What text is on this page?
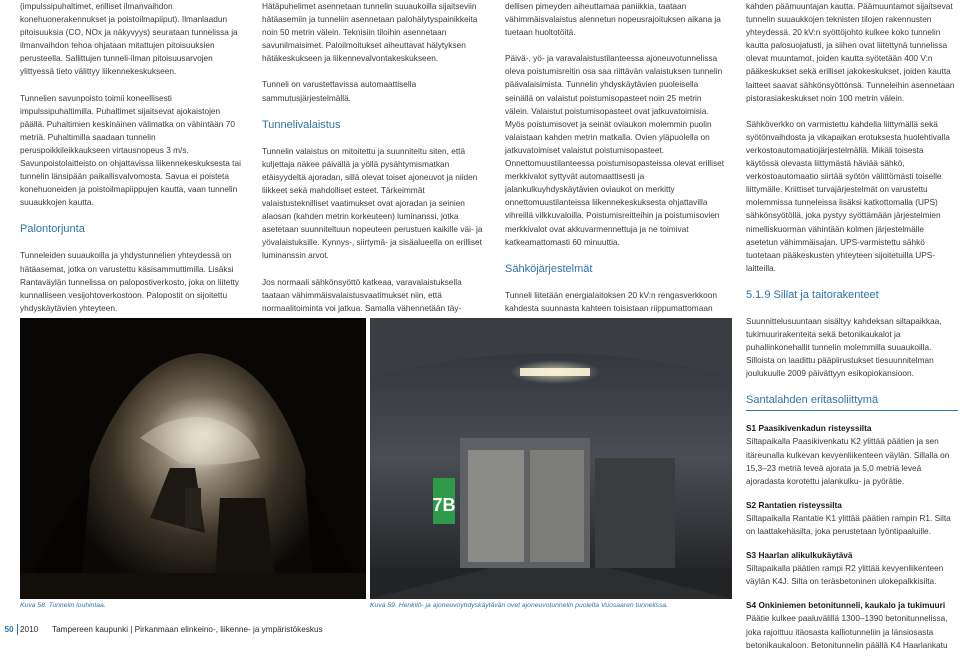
(impulssipuhaltimet, erilliset ilmanvaihdon konehuonerakennukset ja poistoilmapiiput). Ilmanlaadun pitoisuuksia (CO, NOx ja näkyvyys) seurataan tunnelissa ja ilmanvaihdon tehoa ohjataan mitattujen pitoisuuksien perusteella. Sallittujen tunneli-ilman pitoisuusarvojen ylittyessä tieto välittyy liikennekeskukseen.

Tunnelien savunpoisto toimii koneellisesti impulssipuhaltimilla. Puhaltimet sijaitsevat ajokaistojen päällä. Puhaltimien keskinäinen välimatka on vähintään 70 metriä. Puhaltimilla saadaan tunnelin peruspoikkileikkaukseen virtausnopeus 3 m/s. Savunpoistolaitteisto on ohjattavissa liikennekeskuksesta tai tunnelin länsipään paikallisvalvomosta. Savua ei poisteta konehuoneiden ja poistoilmapiippujen kautta, vaan tunnelin suuaukkojen kautta.

Palontorjunta

Tunneleiden suuaukoilla ja yhdystunnelien yhteydessä on hätäasemat, jotka on varustettu käsisammuttimilla. Lisäksi Rantaväylän tunnelissa on palopostiverkosto, joka on liitetty kunnalliseen vesijohtoverkostoon. Palopostit on sijoitettu yhdyskäytävien yhteyteen.

Hätäpuhelimet asennetaan tunnelin suuaukoilla sijaitseviin hätäasemiin ja tunneliin asennetaan palohälytyspainikkeita noin 50 metrin välein. Teknisiin tiloihin asennetaan savunilmaisimet. Paloilmoitukset aiheuttavat hälytyksen hätäkeskukseen ja liikennevalvontakeskukseen.

Tunneli on varustettavissa automaattisella sammutusjärjestelmällä.

Tunnelivalaistus

Tunnelin valaistus on mitoitettu ja suunniteltu siten, että kuljettaja näkee päivällä ja yöllä pysähtymismatkan etäisyydeltä ajoradan, sillä olevat toiset ajoneuvot ja niiden liikkeet sekä mahdolliset esteet. Tärkeimmät valaistusteknilliset vaatimukset ovat ajoradan ja seinien alaosan (kahden metrin korkeuteen) luminanssi, jotka asetetaan suunniteltuun nopeuteen perustuen kaikille väi- ja yövalaistuksille. Kynnys-, siirtymä- ja sisäalueella on erilliset luminanssin arvot.

Jos normaali sähkönsyöttö katkeaa, varavalaistuksella taataan vähimmäisvalaistusvaatimukset niin, että normaalitoiminta voi jatkua. Samalla vähennetään täy-

dellisen pimeyden aiheuttamaa paniikkia, taataan vähimmäisvalaistus alennetun nopeusrajoituksen aikana ja tuetaan huoltotöitä.

Päivä-, yö- ja varavalaistustilanteessa ajoneuvotunnelissa oleva poistumisreitin osa saa riittävän valaistuksen tunnelin päävalaisimista. Tunnelin yhdyskäytävien puoleisella seinällä on valaistut poistumisopasteet noin 25 metrin välein. Valaistut poistumisopasteet ovat jatkuvatoimisia. Myös poistumisovet ja seinät oviaukon molemmin puolin valaistaan kahden metrin matkalla. Ovien yläpuolella on jatkuvatoimiset valaistut poistumisopasteet. Onnettomuustilanteessa poistumisopasteissa olevat erilliset merkkivalot syttyvät automaattisesti ja jalankulkuyhdyskäytävien oviaukot on merkitty onnettomuustilanteissa liikennekeskuksesta ohjattavilla vihreillä vilkkuvaloilla. Poistumisreitteihin ja poistumisovien merkkivalot ovat akkuvarmennettuja ja ne toimivat katkeamattomasti 60 minuuttia.

Sähköjärjestelmät

Tunneli liitetään energialaitoksen 20 kV:n rengasverkkoon kahdesta suunnasta kahteen toisistaan riippumattomaan

kahden päämuuntajan kautta. Päämuuntamot sijaitsevat tunnelin suuaukkojen teknisten tilojen rakennusten yhteydessä. 20 kV:n syöttöjohto kulkee koko tunnelin kautta palosuojatusti, ja siihen ovat liitettynä tunnelissa olevat muuntamot, joiden kautta syötetään 400 V:n pääkeskukset sekä erilliset jakokeskukset, joiden kautta laitteet saavat sähkönsyöttönsä. Tunneleihin asennetaan pistorasiakeskukset noin 100 metrin välein.

Sähköverkko on varmistettu kahdella liittymällä sekä syötönvaihdosta ja vikapaikan erotuksesta huolehtivalla verkostoautomaatiojärjestelmällä. Mikäli toisesta käytössä olevasta liittymästä häviää sähkö, verkostoautomaatio siirtää syötön välittömästi toiselle liittymälle. Kriittiset turvajärjestelmät on varustettu molemmissa tunneleissa lisäksi katkottomalla (UPS) sähkönsyötöllä, joka pystyy syöttämään järjestelmien nimelliskuorman vähintään kolmen järjestelmälle asetetun vähimmäisajan. UPS-varmistettu sähkö tuotetaan pääkeskusten yhteyteen sijoitetuilla UPS-laitteilla.

5.1.9 Sillat ja taitorakenteet

Suunnittelusuuntaan sisältyy kahdeksan siltapaikkaa, tukimuurirakenteita sekä betonikaukalot ja puhallinkonehallit tunnelin molemmilla suuaukoilla. Silloista on laadittu pääpiirustukset tiesuunnitelman joulukuulle 2009 päivättyyn esikopiokansioon.

Santalahden eritasoliittymä
S1 Paasikivenkadun risteyssilta
Siltapaikalla Paasikivenkatu K2 ylittää päätien ja sen itäreunalla kulkevan kevyenliikenteen väylän. Sillalla on 15,3–23 metriä leveä ajorata ja 5,0 metriä leveä ajoradasta korotettu jalankulku- ja pyörätie.
S2 Rantatien risteyssilta
Siltapaikalla Rantatie K1 ylittää päätien rampin R1. Silta on laattakehäsilta, joka perustetaan lyöntipaaluille.
S3 Haarlan alikulkukäytävä
Siltapaikalla päätien rampi R2 ylittää kevyenliikenteen väylän K4J. Silta on teräsbetoninen ulokepalkkisilta.
S4 Onkiniemen betonitunneli, kaukalo ja tukimuuri
Päätie kulkee paaluvälillä 1300–1390 betonitunnelissa, joka rajoittuu itäosasta kalliotunneliin ja länsiosasta betonikaukaloon. Betonitunnelin päällä K4 Haarlankatu
Kuva 58. Tunnelin louhintaa.
7B
Kuva 59. Henkilö- ja ajoneuvoyhdyskäytävän ovet ajoneuvotunnelin puolelta Vuosaaren tunnelissa.
50 2010 Tampereen kaupunki | Pirkanmaan elinkeino-, liikenne- ja ympäristökeskus
